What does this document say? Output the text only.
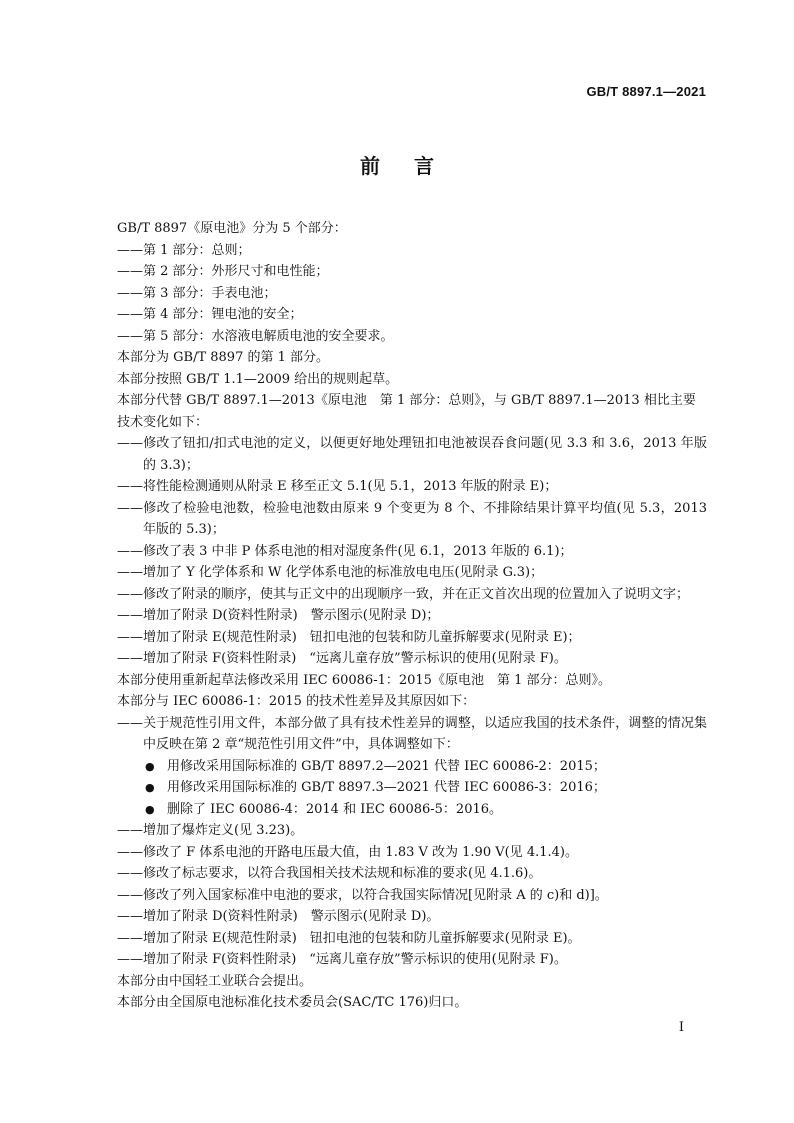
GB/T 8897.1—2021
前言
GB/T 8897《原电池》分为 5 个部分：
——第 1 部分：总则；
——第 2 部分：外形尺寸和电性能；
——第 3 部分：手表电池；
——第 4 部分：锂电池的安全；
——第 5 部分：水溶液电解质电池的安全要求。
本部分为 GB/T 8897 的第 1 部分。
本部分按照 GB/T 1.1—2009 给出的规则起草。
本部分代替 GB/T 8897.1—2013《原电池　第 1 部分：总则》，与 GB/T 8897.1—2013 相比主要技术变化如下：
——修改了钮扣/扣式电池的定义，以便更好地处理钮扣电池被误吞食问题(见 3.3 和 3.6，2013 年版的 3.3)；
——将性能检测通则从附录 E 移至正文 5.1(见 5.1，2013 年版的附录 E)；
——修改了检验电池数，检验电池数由原来 9 个变更为 8 个、不排除结果计算平均值(见 5.3，2013 年版的 5.3)；
——修改了表 3 中非 P 体系电池的相对湿度条件(见 6.1，2013 年版的 6.1)；
——增加了 Y 化学体系和 W 化学体系电池的标准放电电压(见附录 G.3)；
——修改了附录的顺序，使其与正文中的出现顺序一致，并在正文首次出现的位置加入了说明文字；
——增加了附录 D(资料性附录)　警示图示(见附录 D)；
——增加了附录 E(规范性附录)　钮扣电池的包装和防儿童拆解要求(见附录 E)；
——增加了附录 F(资料性附录)　“远离儿童存放”警示标识的使用(见附录 F)。
本部分使用重新起草法修改采用 IEC 60086-1：2015《原电池　第 1 部分：总则》。
本部分与 IEC 60086-1：2015 的技术性差异及其原因如下：
——关于规范性引用文件，本部分做了具有技术性差异的调整，以适应我国的技术条件，调整的情况集中反映在第 2 章“规范性引用文件”中，具体调整如下：
● 用修改采用国际标准的 GB/T 8897.2—2021 代替 IEC 60086-2：2015；
● 用修改采用国际标准的 GB/T 8897.3—2021 代替 IEC 60086-3：2016；
● 删除了 IEC 60086-4：2014 和 IEC 60086-5：2016。
——增加了爆炸定义(见 3.23)。
——修改了 F 体系电池的开路电压最大值，由 1.83 V 改为 1.90 V(见 4.1.4)。
——修改了标志要求，以符合我国相关技术法规和标准的要求(见 4.1.6)。
——修改了列入国家标准中电池的要求，以符合我国实际情况[见附录 A 的 c)和 d)]。
——增加了附录 D(资料性附录)　警示图示(见附录 D)。
——增加了附录 E(规范性附录)　钮扣电池的包装和防儿童拆解要求(见附录 E)。
——增加了附录 F(资料性附录)　“远离儿童存放”警示标识的使用(见附录 F)。
本部分由中国轻工业联合会提出。
本部分由全国原电池标准化技术委员会(SAC/TC 176)归口。
I
